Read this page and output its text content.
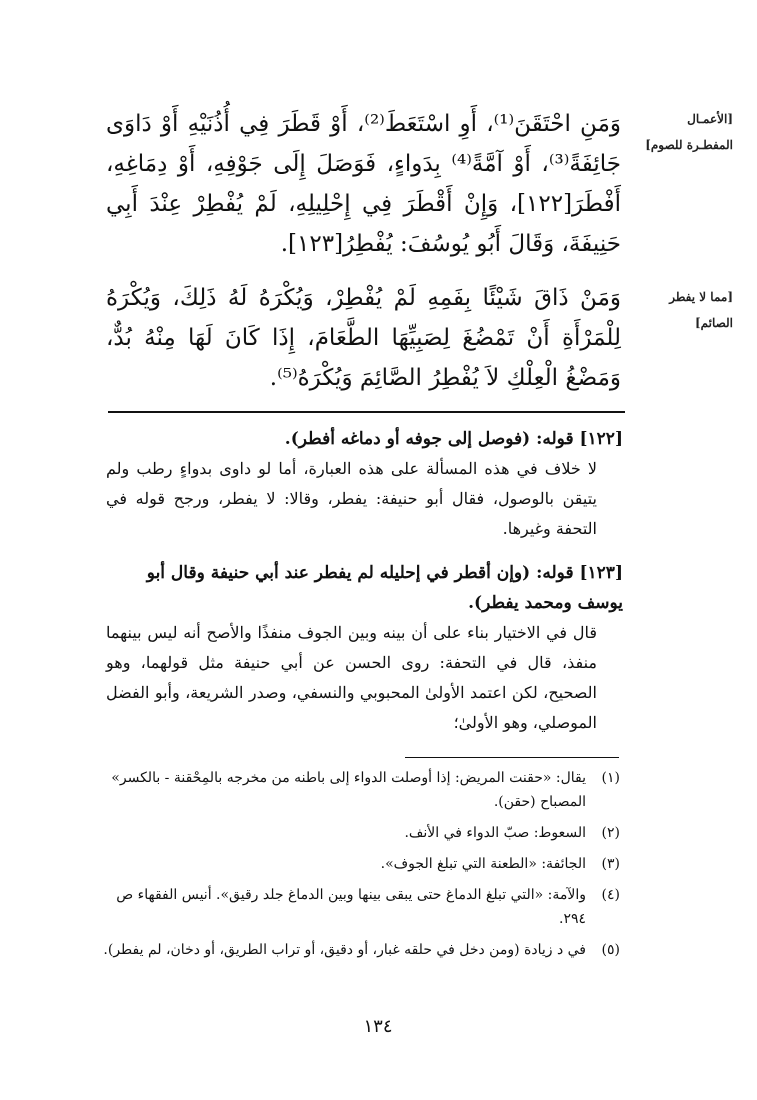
[الأعمـال المفطـرة للصوم]
[مما لا يفطر الصائم]

وَمَنِ احْتَقَنَ⁽¹⁾، أَوِ اسْتَعَطَ⁽²⁾، أَوْ قَطَرَ فِي أُذُنَيْهِ أَوْ دَاوَى جَائِفَةً⁽³⁾، أَوْ آمَّةً⁽⁴⁾ بِدَواءٍ، فَوَصَلَ إِلَى جَوْفِهِ، أَوْ دِمَاغِهِ، أَفْطَرَ[١٢٢]، وَإِنْ أَقْطَرَ فِي إِحْلِيلِهِ، لَمْ يُفْطِرْ عِنْدَ أَبِي حَنِيفَةَ، وَقَالَ أَبُو يُوسُفَ: يُفْطِرُ[١٢٣].

وَمَنْ ذَاقَ شَيْئًا بِفَمِهِ لَمْ يُفْطِرْ، وَيُكْرَهُ لَهُ ذَلِكَ، وَيُكْرَهُ لِلْمَرْأَةِ أَنْ تَمْضُغَ لِصَبِيِّهَا الطَّعَامَ، إِذَا كَانَ لَهَا مِنْهُ بُدٌّ، وَمَضْغُ الْعِلْكِ لاَ يُفْطِرُ الصَّائِمَ وَيُكْرَهُ⁽⁵⁾.

[١٢٢] قوله: (فوصل إلى جوفه أو دماغه أفطر).

لا خلاف في هذه المسألة على هذه العبارة، أما لو داوى بدواءٍ رطب ولم يتيقن بالوصول، فقال أبو حنيفة: يفطر، وقالا: لا يفطر، ورجح قوله في التحفة وغيرها.

[١٢٣] قوله: (وإن أقطر في إحليله لم يفطر عند أبي حنيفة وقال أبو يوسف ومحمد يفطر).

قال في الاختيار بناء على أن بينه وبين الجوف منفذًا والأصح أنه ليس بينهما منفذ، قال في التحفة: روى الحسن عن أبي حنيفة مثل قولهما، وهو الصحيح، لكن اعتمد الأولىٰ المحبوبي والنسفي، وصدر الشريعة، وأبو الفضل الموصلي، وهو الأولىٰ؛

(١)
يقال: «حقنت المريض: إذا أوصلت الدواء إلى باطنه من مخرجه بالمِحْقنة - بالكسر» المصباح (حقن).
(٢)
السعوط: صبّ الدواء في الأنف.
(٣)
الجائفة: «الطعنة التي تبلغ الجوف».
(٤)
والآمة: «التي تبلغ الدماغ حتى يبقى بينها وبين الدماغ جلد رقيق». أنيس الفقهاء ص ٢٩٤.
(٥)
في د زيادة (ومن دخل في حلقه غبار، أو دقيق، أو تراب الطريق، أو دخان، لم يفطر).
١٣٤
